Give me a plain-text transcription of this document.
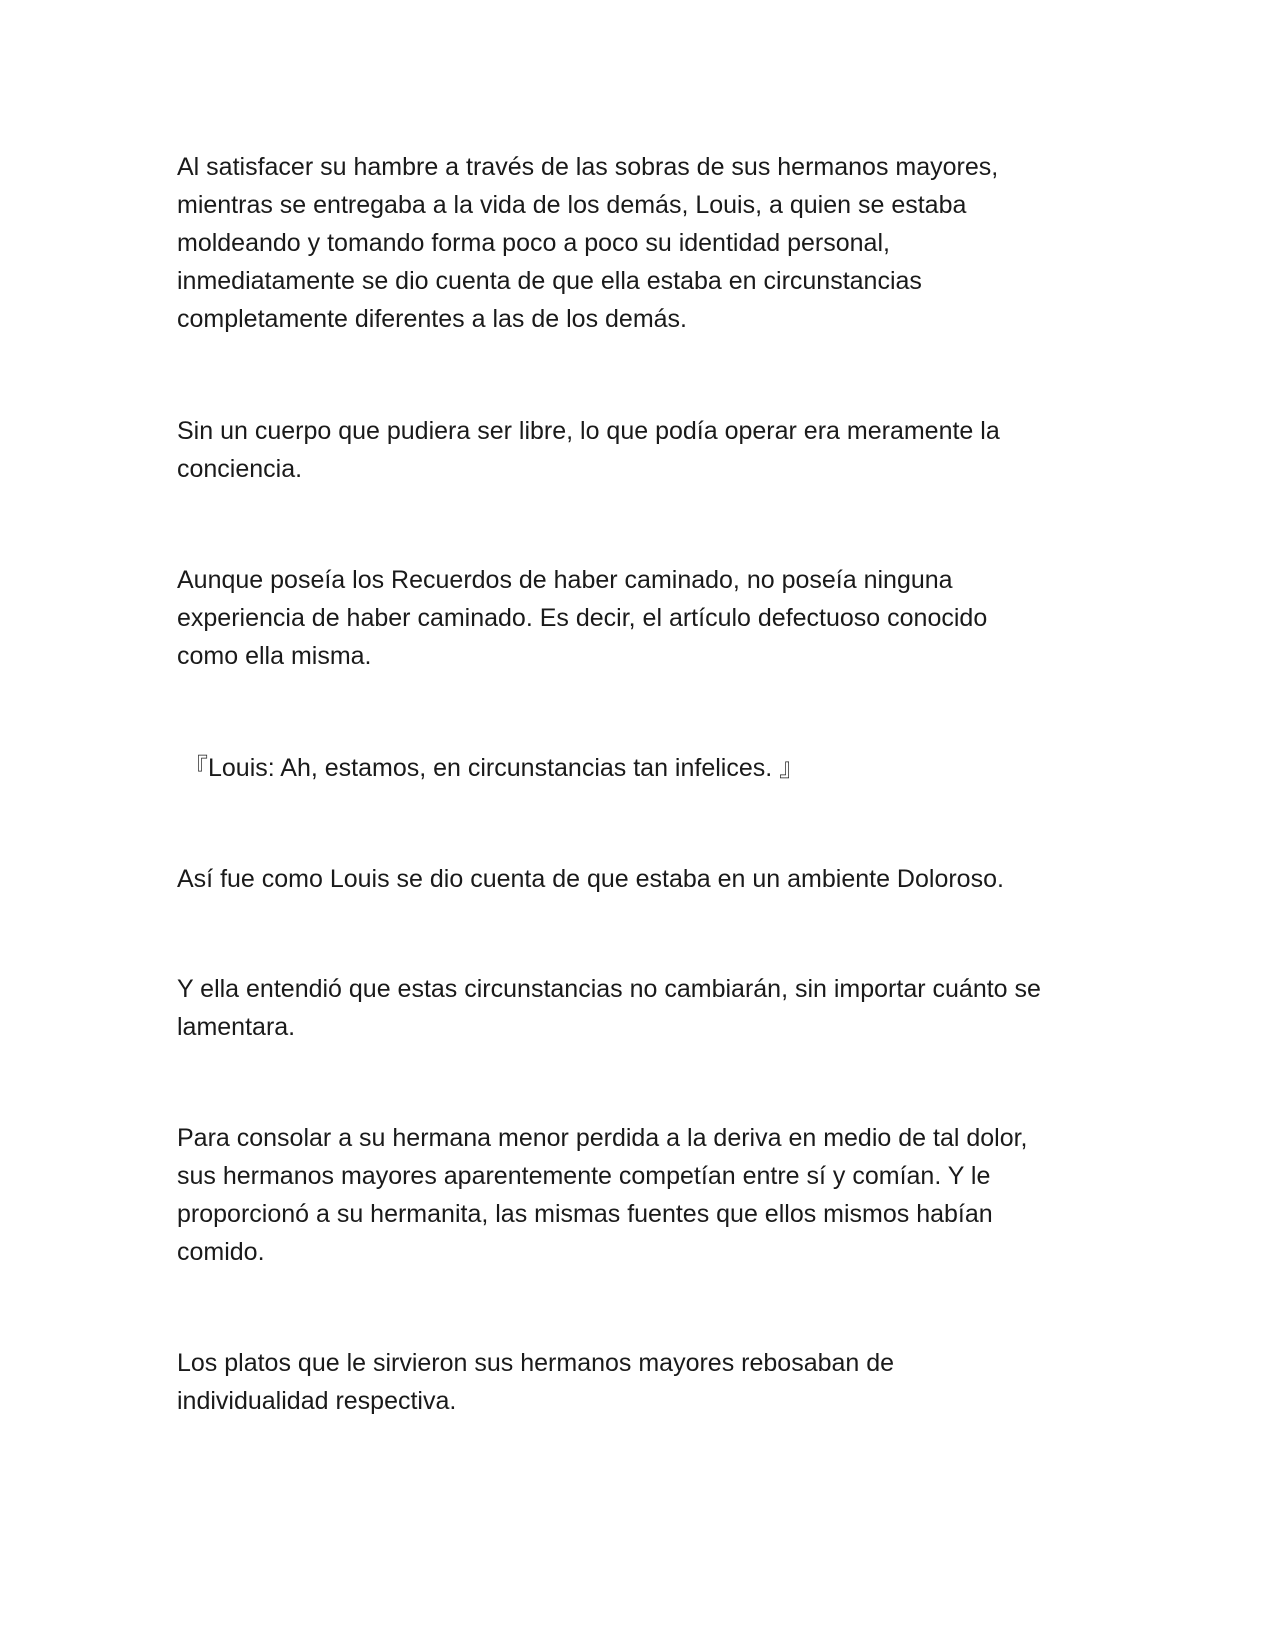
Al satisfacer su hambre a través de las sobras de sus hermanos mayores,
mientras se entregaba a la vida de los demás, Louis, a quien se estaba
moldeando y tomando forma poco a poco su identidad personal,
inmediatamente se dio cuenta de que ella estaba en circunstancias
completamente diferentes a las de los demás.

Sin un cuerpo que pudiera ser libre, lo que podía operar era meramente la
conciencia.

Aunque poseía los Recuerdos de haber caminado, no poseía ninguna
experiencia de haber caminado. Es decir, el artículo defectuoso conocido
como ella misma.

『Louis: Ah, estamos, en circunstancias tan infelices. 』

Así fue como Louis se dio cuenta de que estaba en un ambiente Doloroso.

Y ella entendió que estas circunstancias no cambiarán, sin importar cuánto se
lamentara.

Para consolar a su hermana menor perdida a la deriva en medio de tal dolor,
sus hermanos mayores aparentemente competían entre sí y comían. Y le
proporcionó a su hermanita, las mismas fuentes que ellos mismos habían
comido.

Los platos que le sirvieron sus hermanos mayores rebosaban de
individualidad respectiva.
